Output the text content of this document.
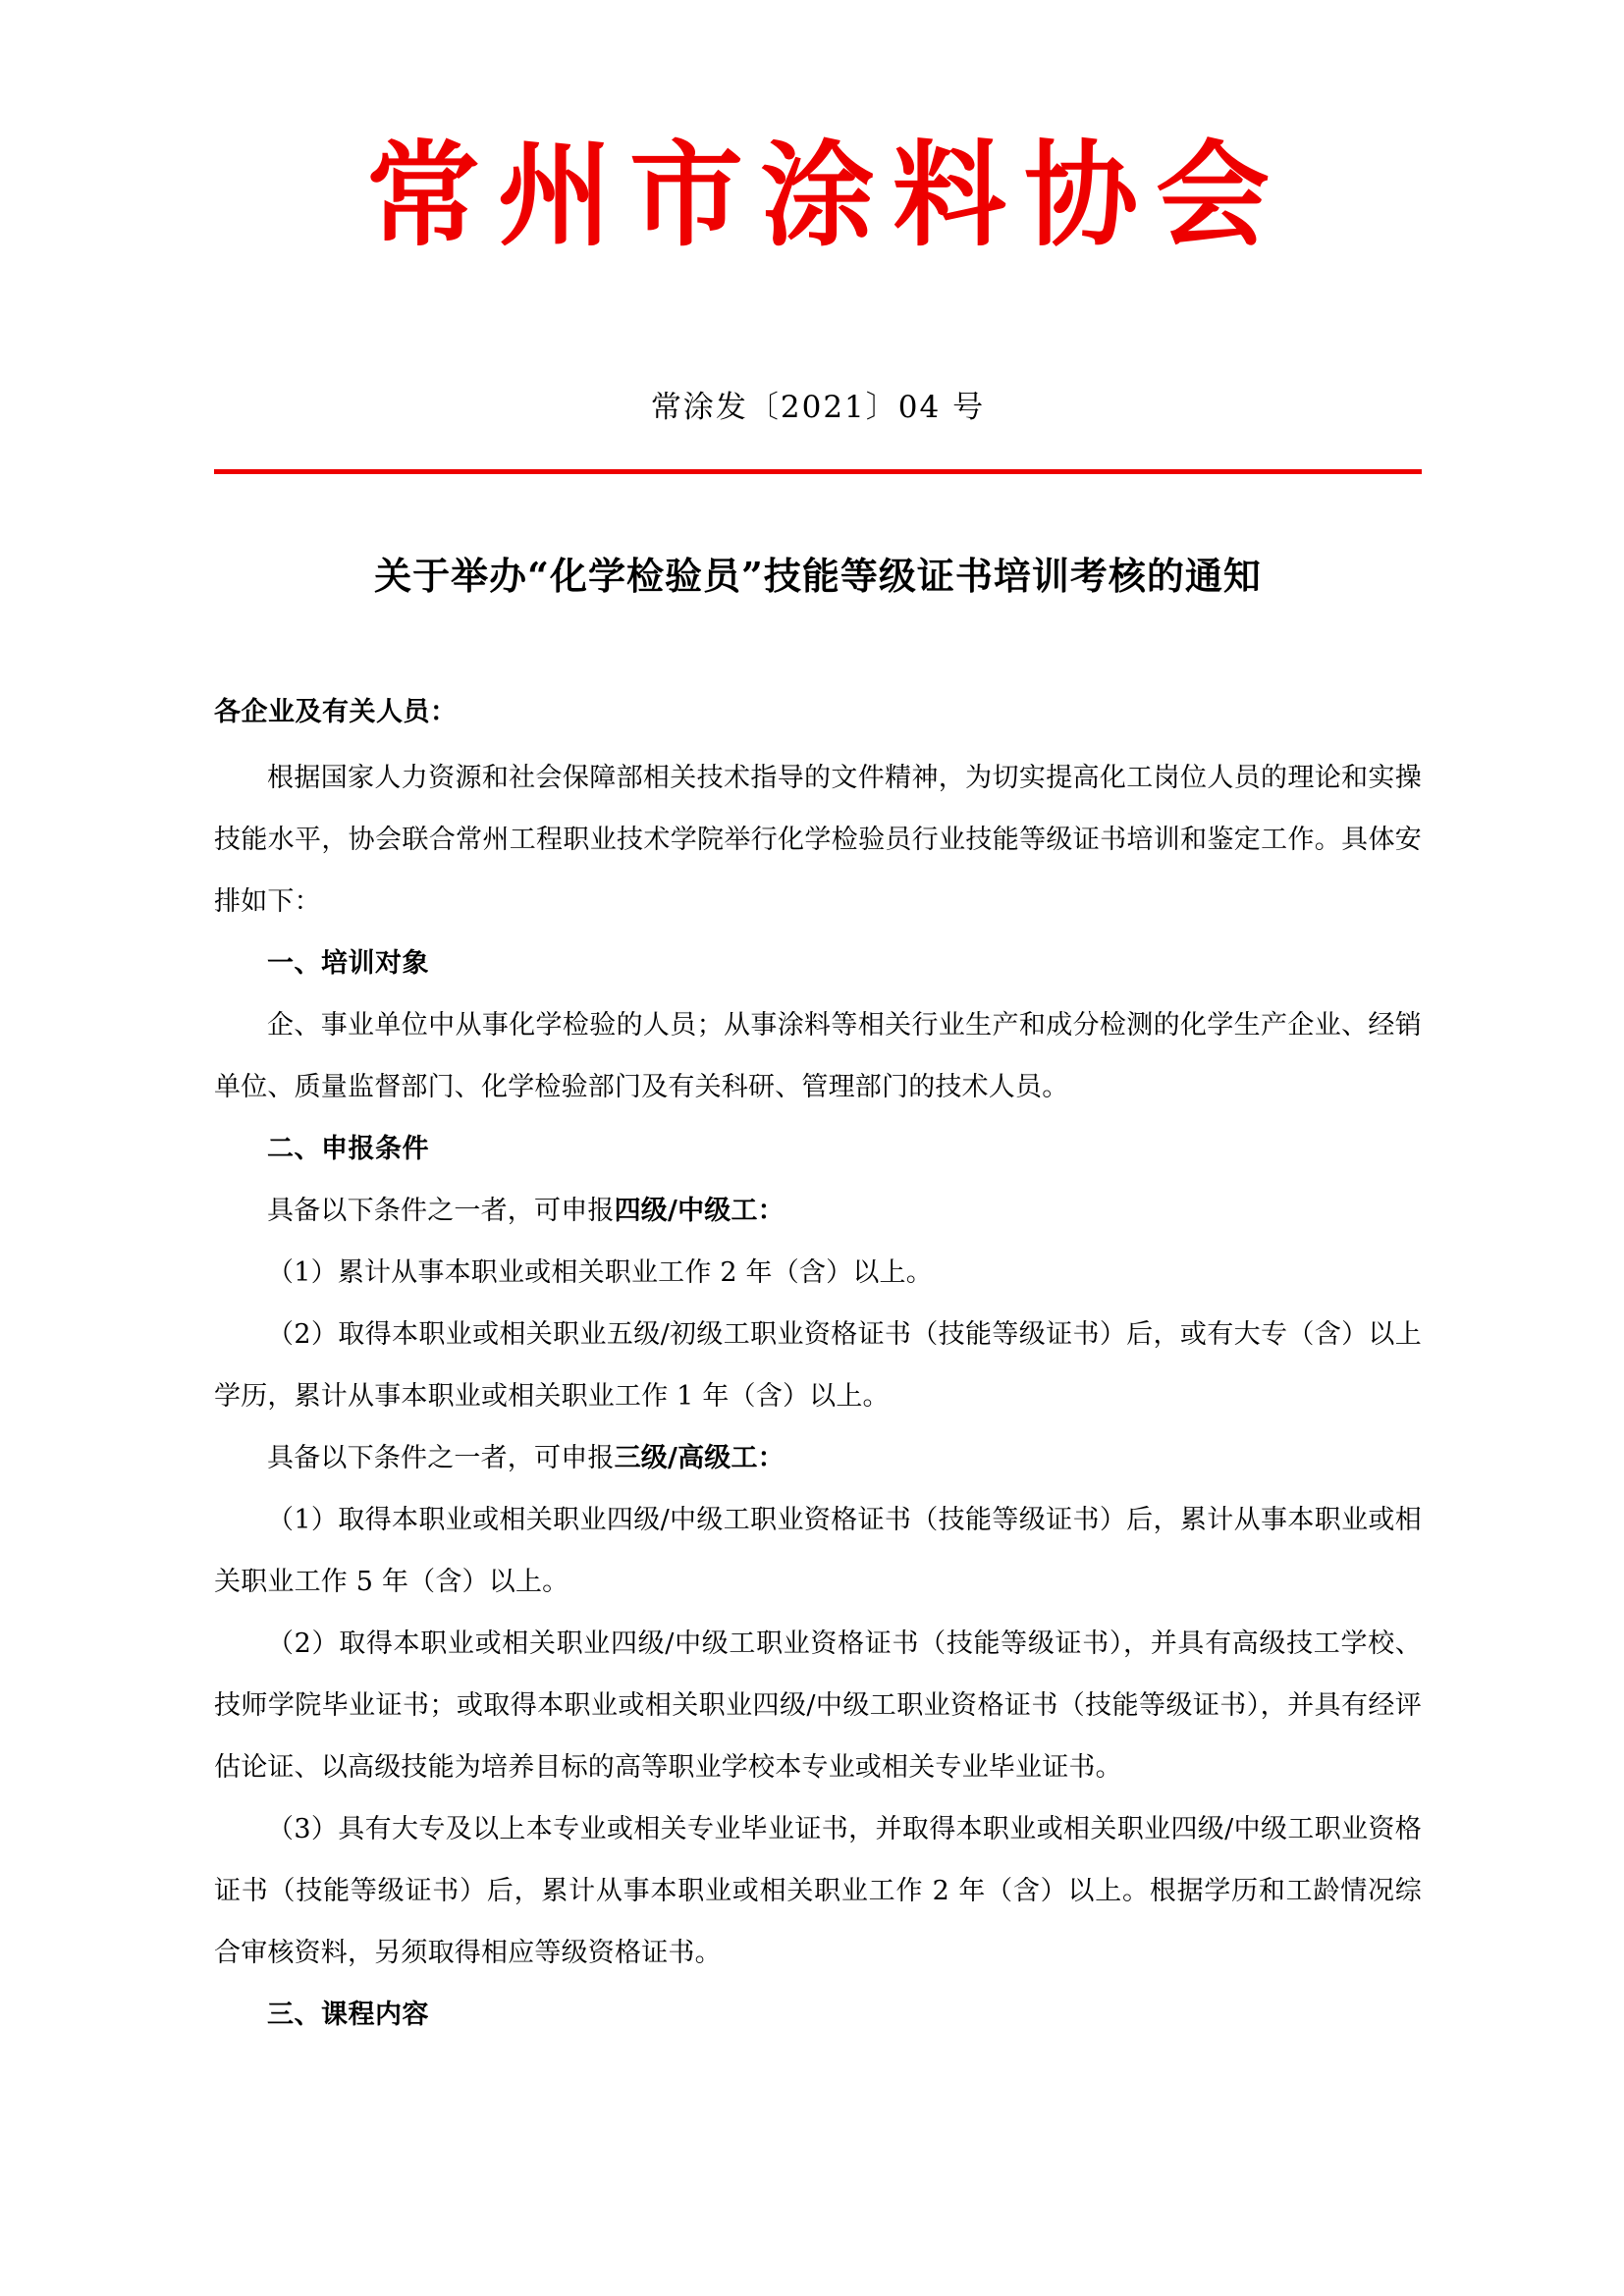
常州市涂料协会
常涂发〔2021〕04 号
关于举办“化学检验员”技能等级证书培训考核的通知

各企业及有关人员：

根据国家人力资源和社会保障部相关技术指导的文件精神，为切实提高化工岗位人员的理论和实操技能水平，协会联合常州工程职业技术学院举行化学检验员行业技能等级证书培训和鉴定工作。具体安排如下：

一、培训对象

企、事业单位中从事化学检验的人员；从事涂料等相关行业生产和成分检测的化学生产企业、经销单位、质量监督部门、化学检验部门及有关科研、管理部门的技术人员。

二、申报条件

具备以下条件之一者，可申报四级/中级工：

（1）累计从事本职业或相关职业工作 2 年（含）以上。

（2）取得本职业或相关职业五级/初级工职业资格证书（技能等级证书）后，或有大专（含）以上学历，累计从事本职业或相关职业工作 1 年（含）以上。

具备以下条件之一者，可申报三级/高级工：

（1）取得本职业或相关职业四级/中级工职业资格证书（技能等级证书）后，累计从事本职业或相关职业工作 5 年（含）以上。

（2）取得本职业或相关职业四级/中级工职业资格证书（技能等级证书），并具有高级技工学校、技师学院毕业证书；或取得本职业或相关职业四级/中级工职业资格证书（技能等级证书），并具有经评估论证、以高级技能为培养目标的高等职业学校本专业或相关专业毕业证书。

（3）具有大专及以上本专业或相关专业毕业证书，并取得本职业或相关职业四级/中级工职业资格证书（技能等级证书）后，累计从事本职业或相关职业工作 2 年（含）以上。根据学历和工龄情况综合审核资料，另须取得相应等级资格证书。

三、课程内容
